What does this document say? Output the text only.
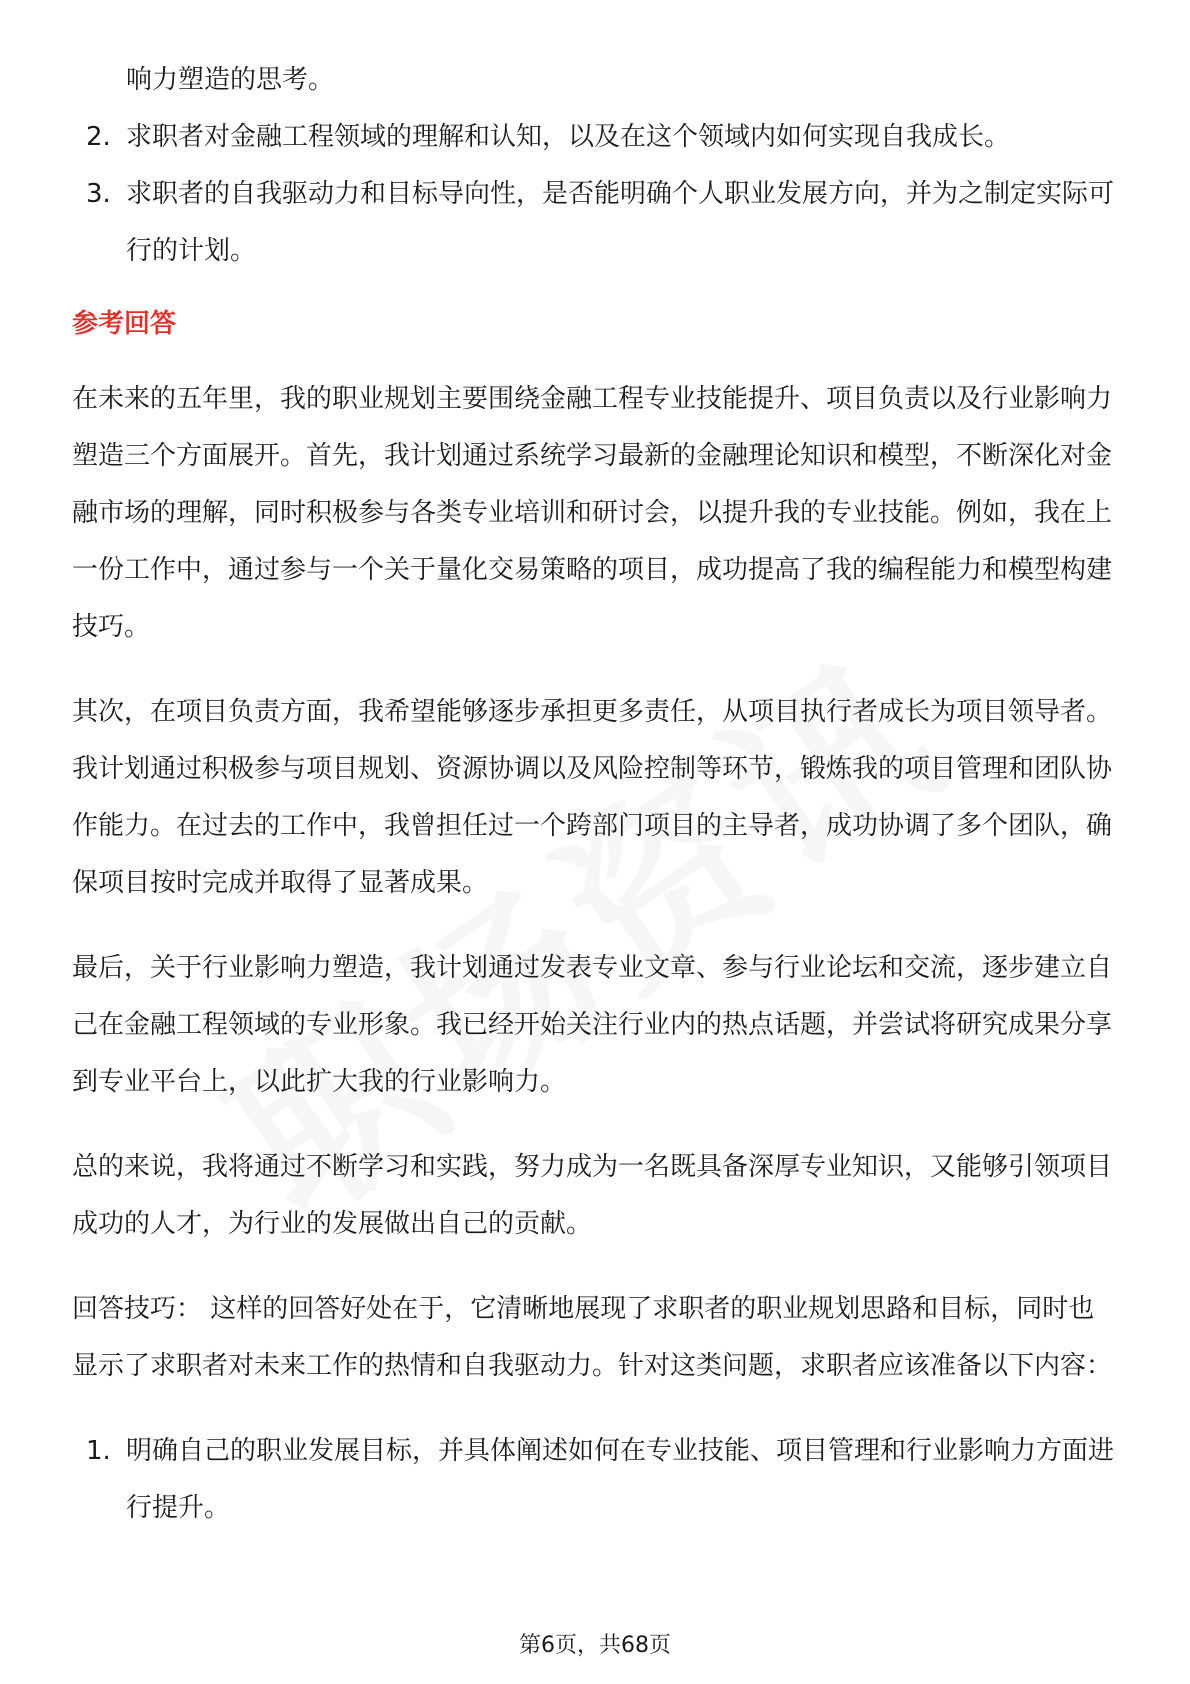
响力塑造的思考。
2. 求职者对金融工程领域的理解和认知，以及在这个领域内如何实现自我成长。
3. 求职者的自我驱动力和目标导向性，是否能明确个人职业发展方向，并为之制定实际可行的计划。
参考回答

在未来的五年里，我的职业规划主要围绕金融工程专业技能提升、项目负责以及行业影响力塑造三个方面展开。首先，我计划通过系统学习最新的金融理论知识和模型，不断深化对金融市场的理解，同时积极参与各类专业培训和研讨会，以提升我的专业技能。例如，我在上一份工作中，通过参与一个关于量化交易策略的项目，成功提高了我的编程能力和模型构建技巧。

其次，在项目负责方面，我希望能够逐步承担更多责任，从项目执行者成长为项目领导者。我计划通过积极参与项目规划、资源协调以及风险控制等环节，锻炼我的项目管理和团队协作能力。在过去的工作中，我曾担任过一个跨部门项目的主导者，成功协调了多个团队，确保项目按时完成并取得了显著成果。

最后，关于行业影响力塑造，我计划通过发表专业文章、参与行业论坛和交流，逐步建立自己在金融工程领域的专业形象。我已经开始关注行业内的热点话题，并尝试将研究成果分享到专业平台上，以此扩大我的行业影响力。

总的来说，我将通过不断学习和实践，努力成为一名既具备深厚专业知识，又能够引领项目成功的人才，为行业的发展做出自己的贡献。

回答技巧： 这样的回答好处在于，它清晰地展现了求职者的职业规划思路和目标，同时也显示了求职者对未来工作的热情和自我驱动力。针对这类问题，求职者应该准备以下内容：

1. 明确自己的职业发展目标，并具体阐述如何在专业技能、项目管理和行业影响力方面进行提升。
第6页，共68页
